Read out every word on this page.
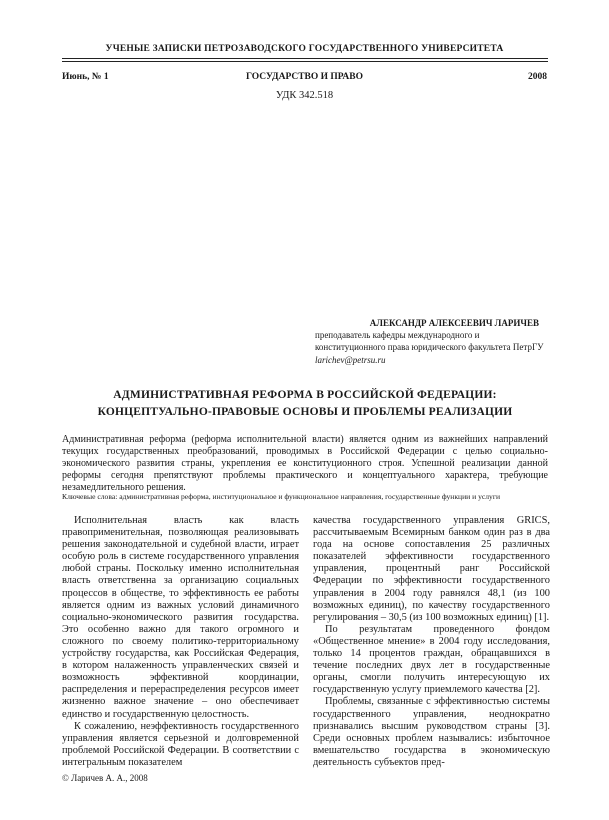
УЧЕНЫЕ ЗАПИСКИ ПЕТРОЗАВОДСКОГО ГОСУДАРСТВЕННОГО УНИВЕРСИТЕТА
Июнь, № 1	ГОСУДАРСТВО И ПРАВО	2008
УДК 342.518
АЛЕКСАНДР АЛЕКСЕЕВИЧ ЛАРИЧЕВ
преподаватель кафедры международного и конституционного права юридического факультета ПетрГУ
larichev@petrsu.ru
АДМИНИСТРАТИВНАЯ РЕФОРМА В РОССИЙСКОЙ ФЕДЕРАЦИИ:
КОНЦЕПТУАЛЬНО-ПРАВОВЫЕ ОСНОВЫ И ПРОБЛЕМЫ РЕАЛИЗАЦИИ
Административная реформа (реформа исполнительной власти) является одним из важнейших направлений текущих государственных преобразований, проводимых в Российской Федерации с целью социально-экономического развития страны, укрепления ее конституционного строя. Успешной реализации данной реформы сегодня препятствуют проблемы практического и концептуального характера, требующие незамедлительного решения.
Ключевые слова: административная реформа, институциональное и функциональное направления, государственные функции и услуги

Исполнительная власть как власть правоприменительная, позволяющая реализовывать решения законодательной и судебной власти, играет особую роль в системе государственного управления любой страны. Поскольку именно исполнительная власть ответственна за организацию социальных процессов в обществе, то эффективность ее работы является одним из важных условий динамичного социально-экономического развития государства. Это особенно важно для такого огромного и сложного по своему политико-территориальному устройству государства, как Российская Федерация, в котором налаженность управленческих связей и возможность эффективной координации, распределения и перераспределения ресурсов имеет жизненно важное значение – оно обеспечивает единство и государственную целостность.

К сожалению, неэффективность государственного управления является серьезной и долговременной проблемой Российской Федерации. В соответствии с интегральным показателем

качества государственного управления GRICS, рассчитываемым Всемирным банком один раз в два года на основе сопоставления 25 различных показателей эффективности государственного управления, процентный ранг Российской Федерации по эффективности государственного управления в 2004 году равнялся 48,1 (из 100 возможных единиц), по качеству государственного регулирования – 30,5 (из 100 возможных единиц) [1].

По результатам проведенного фондом «Общественное мнение» в 2004 году исследования, только 14 процентов граждан, обращавшихся в течение последних двух лет в государственные органы, смогли получить интересующую их государственную услугу приемлемого качества [2].

Проблемы, связанные с эффективностью системы государственного управления, неоднократно признавались высшим руководством страны [3]. Среди основных проблем назывались: избыточное вмешательство государства в экономическую деятельность субъектов пред-

© Ларичев А. А., 2008
